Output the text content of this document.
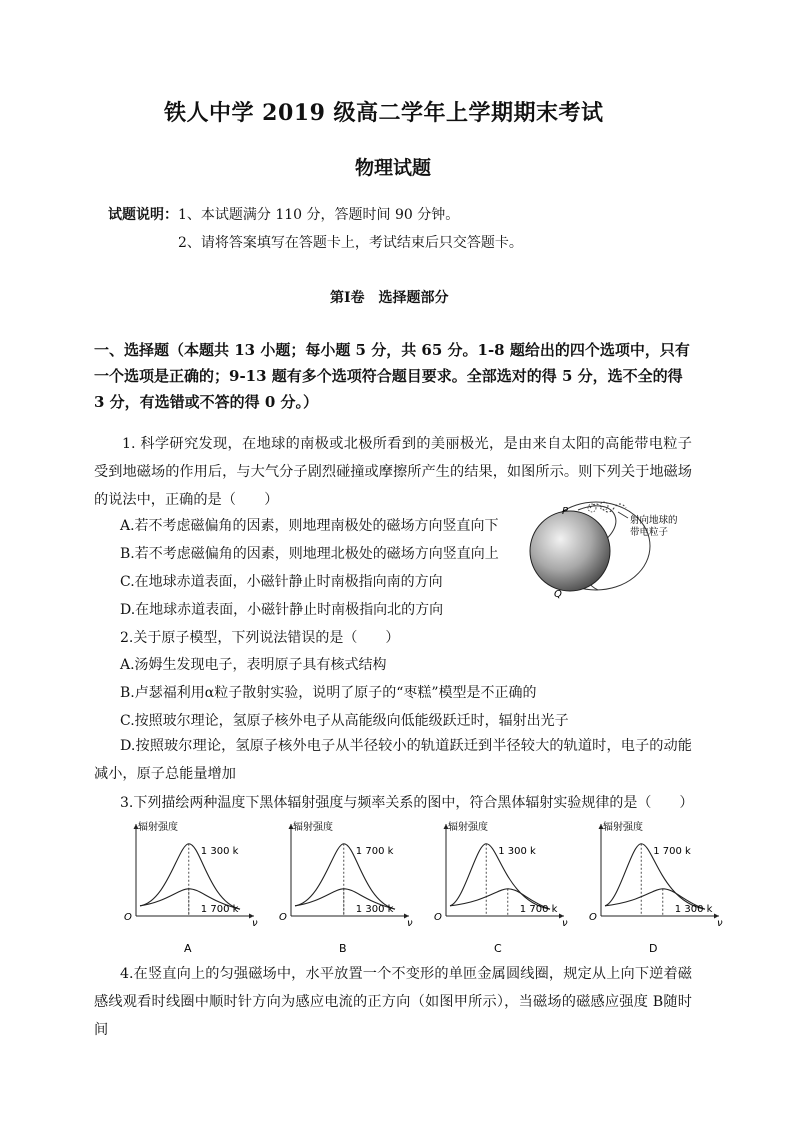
铁人中学 2019 级高二学年上学期期末考试
物理试题
试题说明：1、本试题满分 110 分，答题时间 90 分钟。
2、请将答案填写在答题卡上，考试结束后只交答题卡。
第Ⅰ卷　选择题部分
一、选择题（本题共 13 小题；每小题 5 分，共 65 分。1-8 题给出的四个选项中，只有一个选项是正确的；9-13 题有多个选项符合题目要求。全部选对的得 5 分，选不全的得 3 分，有选错或不答的得 0 分。）
1. 科学研究发现，在地球的南极或北极所看到的美丽极光，是由来自太阳的高能带电粒子受到地磁场的作用后，与大气分子剧烈碰撞或摩擦所产生的结果，如图所示。则下列关于地磁场的说法中，正确的是（　　）
A.若不考虑磁偏角的因素，则地理南极处的磁场方向竖直向下
B.若不考虑磁偏角的因素，则地理北极处的磁场方向竖直向上
C.在地球赤道表面，小磁针静止时南极指向南的方向
D.在地球赤道表面，小磁针静止时南极指向北的方向
P
Q
射向地球的
带电粒子
2.关于原子模型，下列说法错误的是（　　）
A.汤姆生发现电子，表明原子具有核式结构
B.卢瑟福利用α粒子散射实验，说明了原子的“枣糕”模型是不正确的
C.按照玻尔理论，氢原子核外电子从高能级向低能级跃迁时，辐射出光子
D.按照玻尔理论，氢原子核外电子从半径较小的轨道跃迁到半径较大的轨道时，电子的动能减小，原子总能量增加
3.下列描绘两种温度下黑体辐射强度与频率关系的图中，符合黑体辐射实验规律的是（　　）
辐射强度
ν
O
1 300 k
1 700 k
A
辐射强度
ν
O
1 700 k
1 300 k
B
辐射强度
ν
O
1 300 k
1 700 k
C
辐射强度
ν
O
1 700 k
1 300 k
D
4.在竖直向上的匀强磁场中，水平放置一个不变形的单匝金属圆线圈，规定从上向下逆着磁感线观看时线圈中顺时针方向为感应电流的正方向（如图甲所示），当磁场的磁感应强度 B随时间
